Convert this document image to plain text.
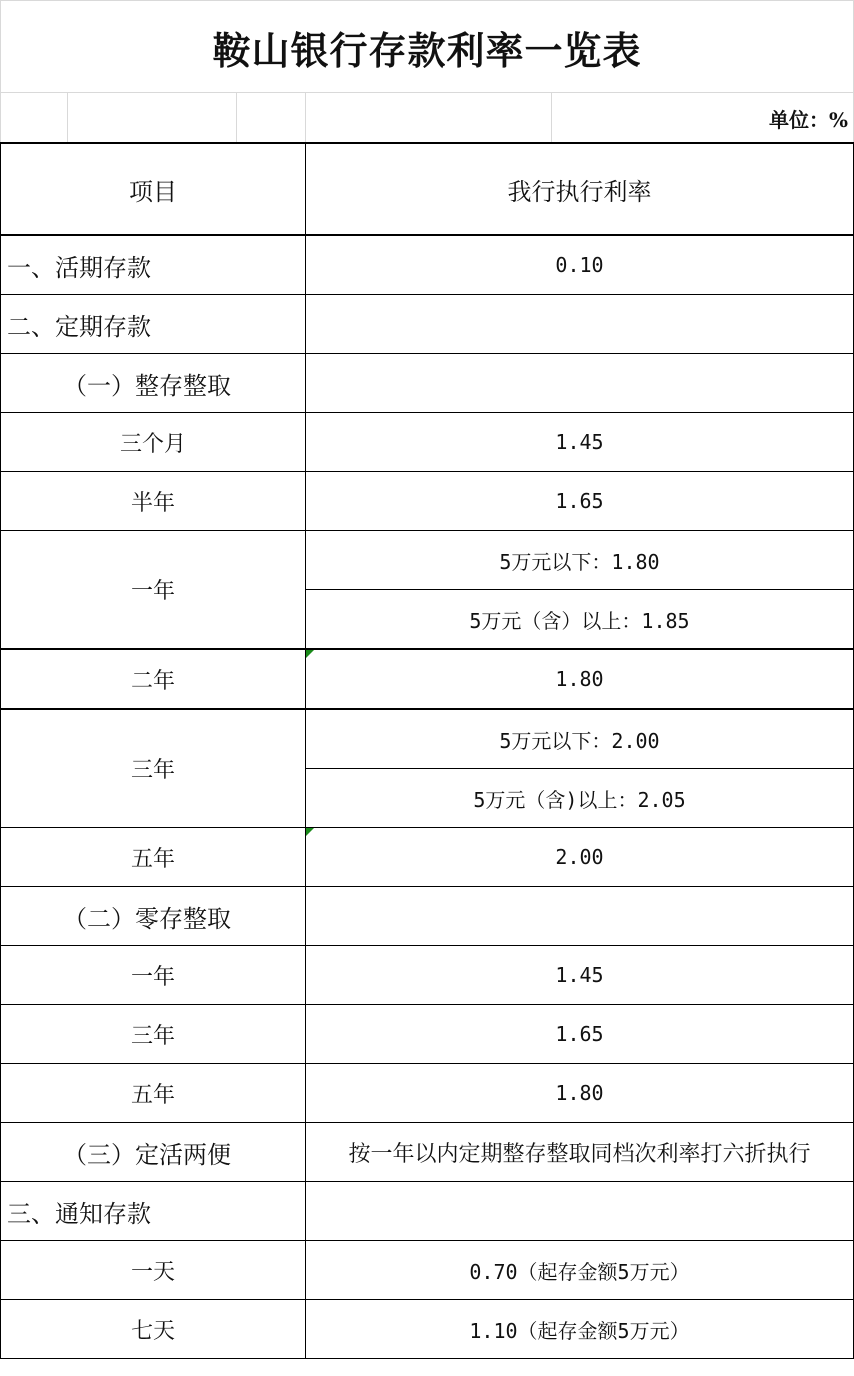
鞍山银行存款利率一览表
单位：%
项目	我行执行利率
一、活期存款	0.10
二、定期存款	
（一）整存整取	
三个月	1.45
半年	1.65
一年	5万元以下：1.80
	5万元（含）以上：1.85
二年	1.80
三年	5万元以下：2.00
	5万元（含)以上：2.05
五年	2.00
（二）零存整取	
一年	1.45
三年	1.65
五年	1.80
（三）定活两便	按一年以内定期整存整取同档次利率打六折执行
三、通知存款	
一天	0.70（起存金额5万元）
七天	1.10（起存金额5万元）
